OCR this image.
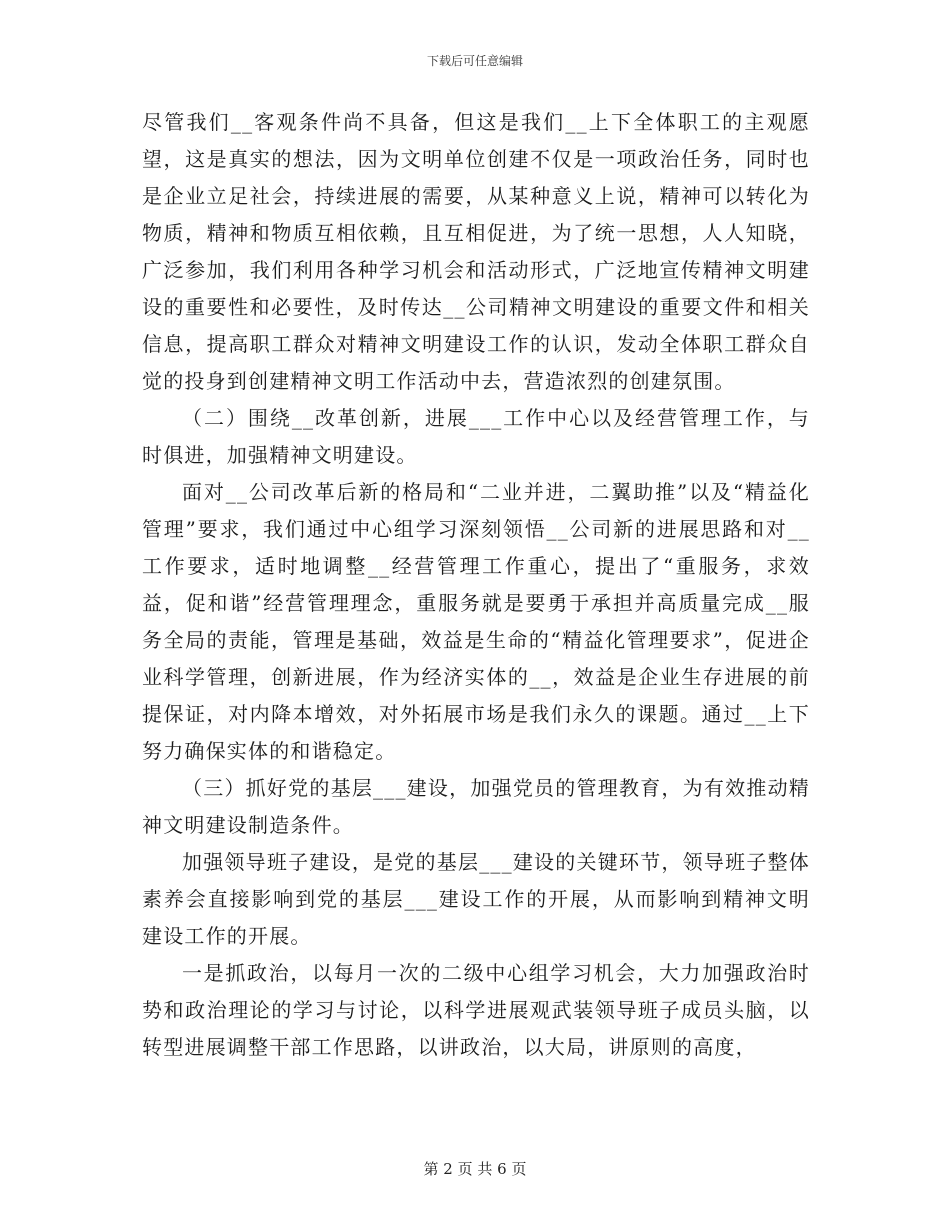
下载后可任意编辑

尽管我们__客观条件尚不具备，但这是我们__上下全体职工的主观愿望，这是真实的想法，因为文明单位创建不仅是一项政治任务，同时也是企业立足社会，持续进展的需要，从某种意义上说，精神可以转化为物质，精神和物质互相依赖，且互相促进，为了统一思想，人人知晓，广泛参加，我们利用各种学习机会和活动形式，广泛地宣传精神文明建设的重要性和必要性，及时传达__公司精神文明建设的重要文件和相关信息，提高职工群众对精神文明建设工作的认识，发动全体职工群众自觉的投身到创建精神文明工作活动中去，营造浓烈的创建氛围。

（二）围绕__改革创新，进展___工作中心以及经营管理工作，与时俱进，加强精神文明建设。

面对__公司改革后新的格局和“二业并进，二翼助推”以及“精益化管理”要求，我们通过中心组学习深刻领悟__公司新的进展思路和对__工作要求，适时地调整__经营管理工作重心，提出了“重服务，求效益，促和谐”经营管理理念，重服务就是要勇于承担并高质量完成__服务全局的责能，管理是基础，效益是生命的“精益化管理要求”，促进企业科学管理，创新进展，作为经济实体的__，效益是企业生存进展的前提保证，对内降本增效，对外拓展市场是我们永久的课题。通过__上下努力确保实体的和谐稳定。

（三）抓好党的基层___建设，加强党员的管理教育，为有效推动精神文明建设制造条件。

加强领导班子建设，是党的基层___建设的关键环节，领导班子整体素养会直接影响到党的基层___建设工作的开展，从而影响到精神文明建设工作的开展。

一是抓政治，以每月一次的二级中心组学习机会，大力加强政治时势和政治理论的学习与讨论，以科学进展观武装领导班子成员头脑，以转型进展调整干部工作思路，以讲政治，以大局，讲原则的高度，

第 2 页 共 6 页
